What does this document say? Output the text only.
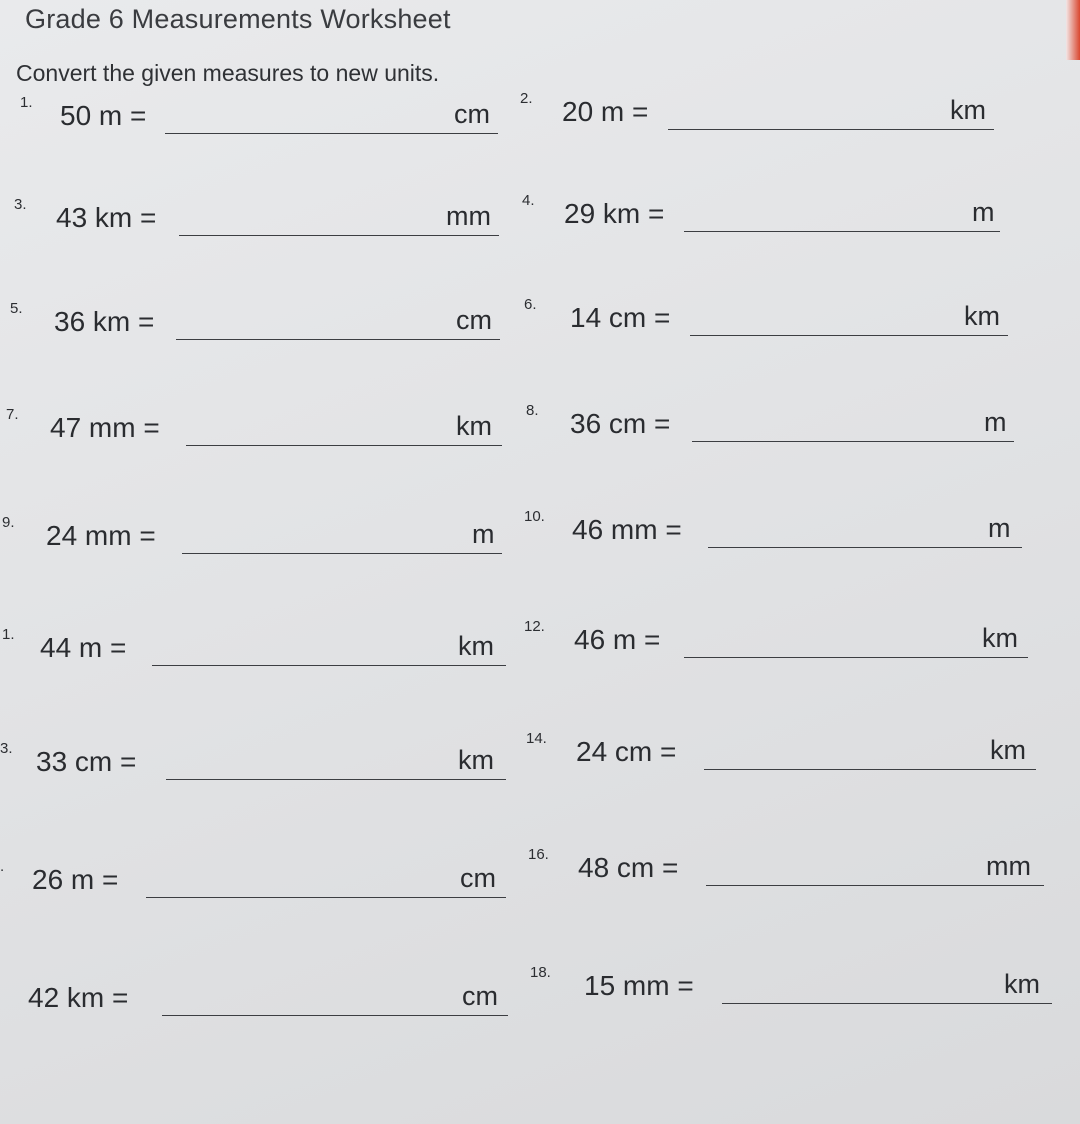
Grade 6 Measurements Worksheet
Convert the given measures to new units.
1. 50 m =	cm
2. 20 m =	km
3. 43 km =	mm
4. 29 km =	m
5. 36 km =	cm
6. 14 cm =	km
7. 47 mm =	km
8. 36 cm =	m
9. 24 mm =	m
10. 46 mm =	m
1. 44 m =	km
12. 46 m =	km
3. 33 cm =	km
14. 24 cm =	km
. 26 m =	cm
16. 48 cm =	mm
42 km =	cm
18. 15 mm =	km
